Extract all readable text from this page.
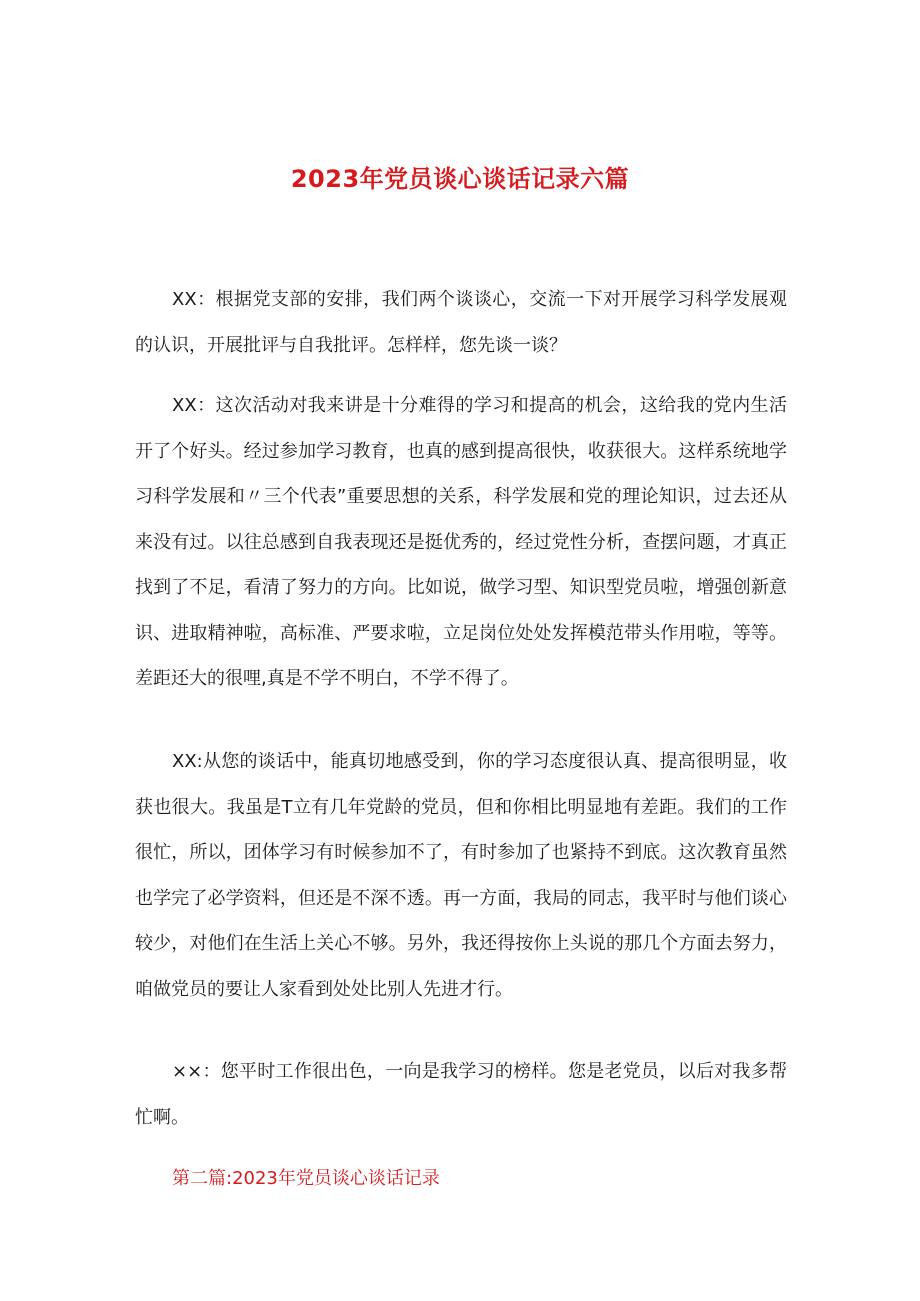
2023年党员谈心谈话记录六篇

XX：根据党支部的安排，我们两个谈谈心，交流一下对开展学习科学发展观的认识，开展批评与自我批评。怎样样，您先谈一谈？

XX：这次活动对我来讲是十分难得的学习和提高的机会，这给我的党内生活开了个好头。经过参加学习教育，也真的感到提高很快，收获很大。这样系统地学习科学发展和〃三个代表”重要思想的关系，科学发展和党的理论知识，过去还从来没有过。以往总感到自我表现还是挺优秀的，经过党性分析，查摆问题，才真正找到了不足，看清了努力的方向。比如说，做学习型、知识型党员啦，增强创新意识、进取精神啦，高标准、严要求啦，立足岗位处处发挥模范带头作用啦，等等。差距还大的很哩,真是不学不明白，不学不得了。

XX:从您的谈话中，能真切地感受到，你的学习态度很认真、提高很明显，收获也很大。我虽是T立有几年党龄的党员，但和你相比明显地有差距。我们的工作很忙，所以，团体学习有时候参加不了，有时参加了也紧持不到底。这次教育虽然也学完了必学资料，但还是不深不透。再一方面，我局的同志，我平时与他们谈心较少，对他们在生活上关心不够。另外，我还得按你上头说的那几个方面去努力，咱做党员的要让人家看到处处比别人先进才行。

××：您平时工作很出色，一向是我学习的榜样。您是老党员，以后对我多帮忙啊。

第二篇:2023年党员谈心谈话记录
